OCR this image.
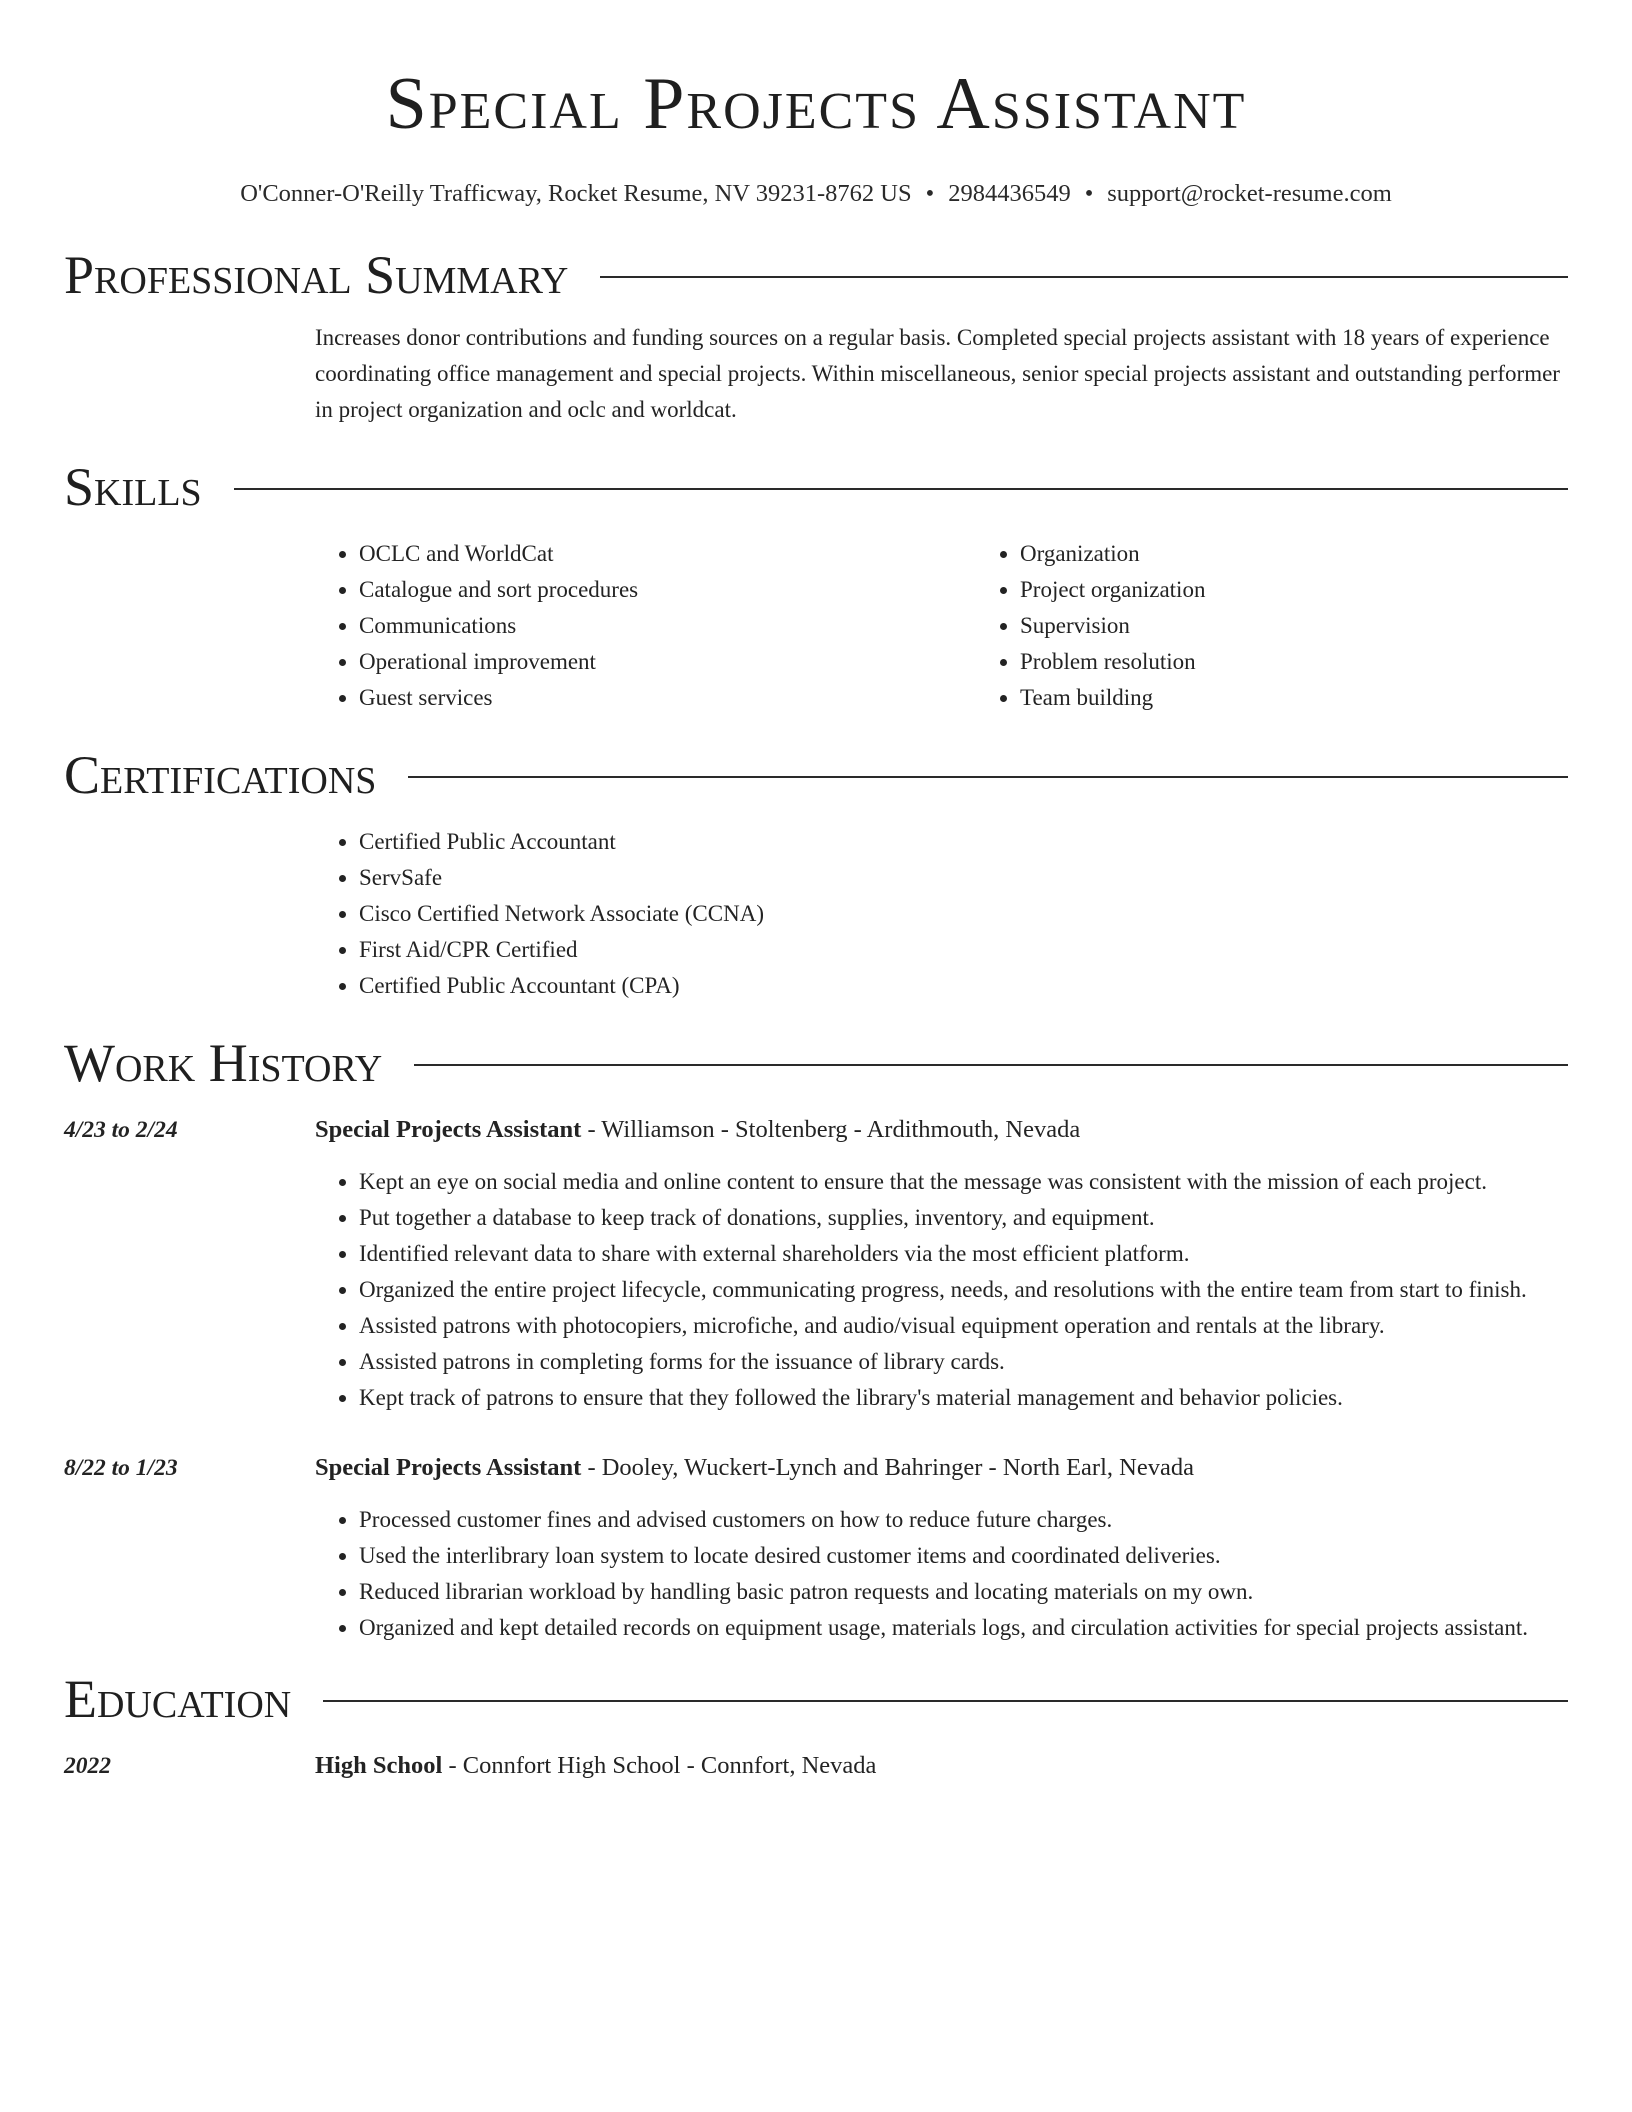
Special Projects Assistant
O'Conner-O'Reilly Trafficway, Rocket Resume, NV 39231-8762 US • 2984436549 • support@rocket-resume.com
Professional Summary

Increases donor contributions and funding sources on a regular basis. Completed special projects assistant with 18 years of experience coordinating office management and special projects. Within miscellaneous, senior special projects assistant and outstanding performer in project organization and oclc and worldcat.

Skills
• OCLC and WorldCat
• Catalogue and sort procedures
• Communications
• Operational improvement
• Guest services
• Organization
• Project organization
• Supervision
• Problem resolution
• Team building
Certifications
• Certified Public Accountant
• ServSafe
• Cisco Certified Network Associate (CCNA)
• First Aid/CPR Certified
• Certified Public Accountant (CPA)
Work History
4/23 to 2/24	Special Projects Assistant - Williamson - Stoltenberg - Ardithmouth, Nevada
• Kept an eye on social media and online content to ensure that the message was consistent with the mission of each project.
• Put together a database to keep track of donations, supplies, inventory, and equipment.
• Identified relevant data to share with external shareholders via the most efficient platform.
• Organized the entire project lifecycle, communicating progress, needs, and resolutions with the entire team from start to finish.
• Assisted patrons with photocopiers, microfiche, and audio/visual equipment operation and rentals at the library.
• Assisted patrons in completing forms for the issuance of library cards.
• Kept track of patrons to ensure that they followed the library's material management and behavior policies.
8/22 to 1/23	Special Projects Assistant - Dooley, Wuckert-Lynch and Bahringer - North Earl, Nevada
• Processed customer fines and advised customers on how to reduce future charges.
• Used the interlibrary loan system to locate desired customer items and coordinated deliveries.
• Reduced librarian workload by handling basic patron requests and locating materials on my own.
• Organized and kept detailed records on equipment usage, materials logs, and circulation activities for special projects assistant.
Education
2022	High School - Connfort High School - Connfort, Nevada
